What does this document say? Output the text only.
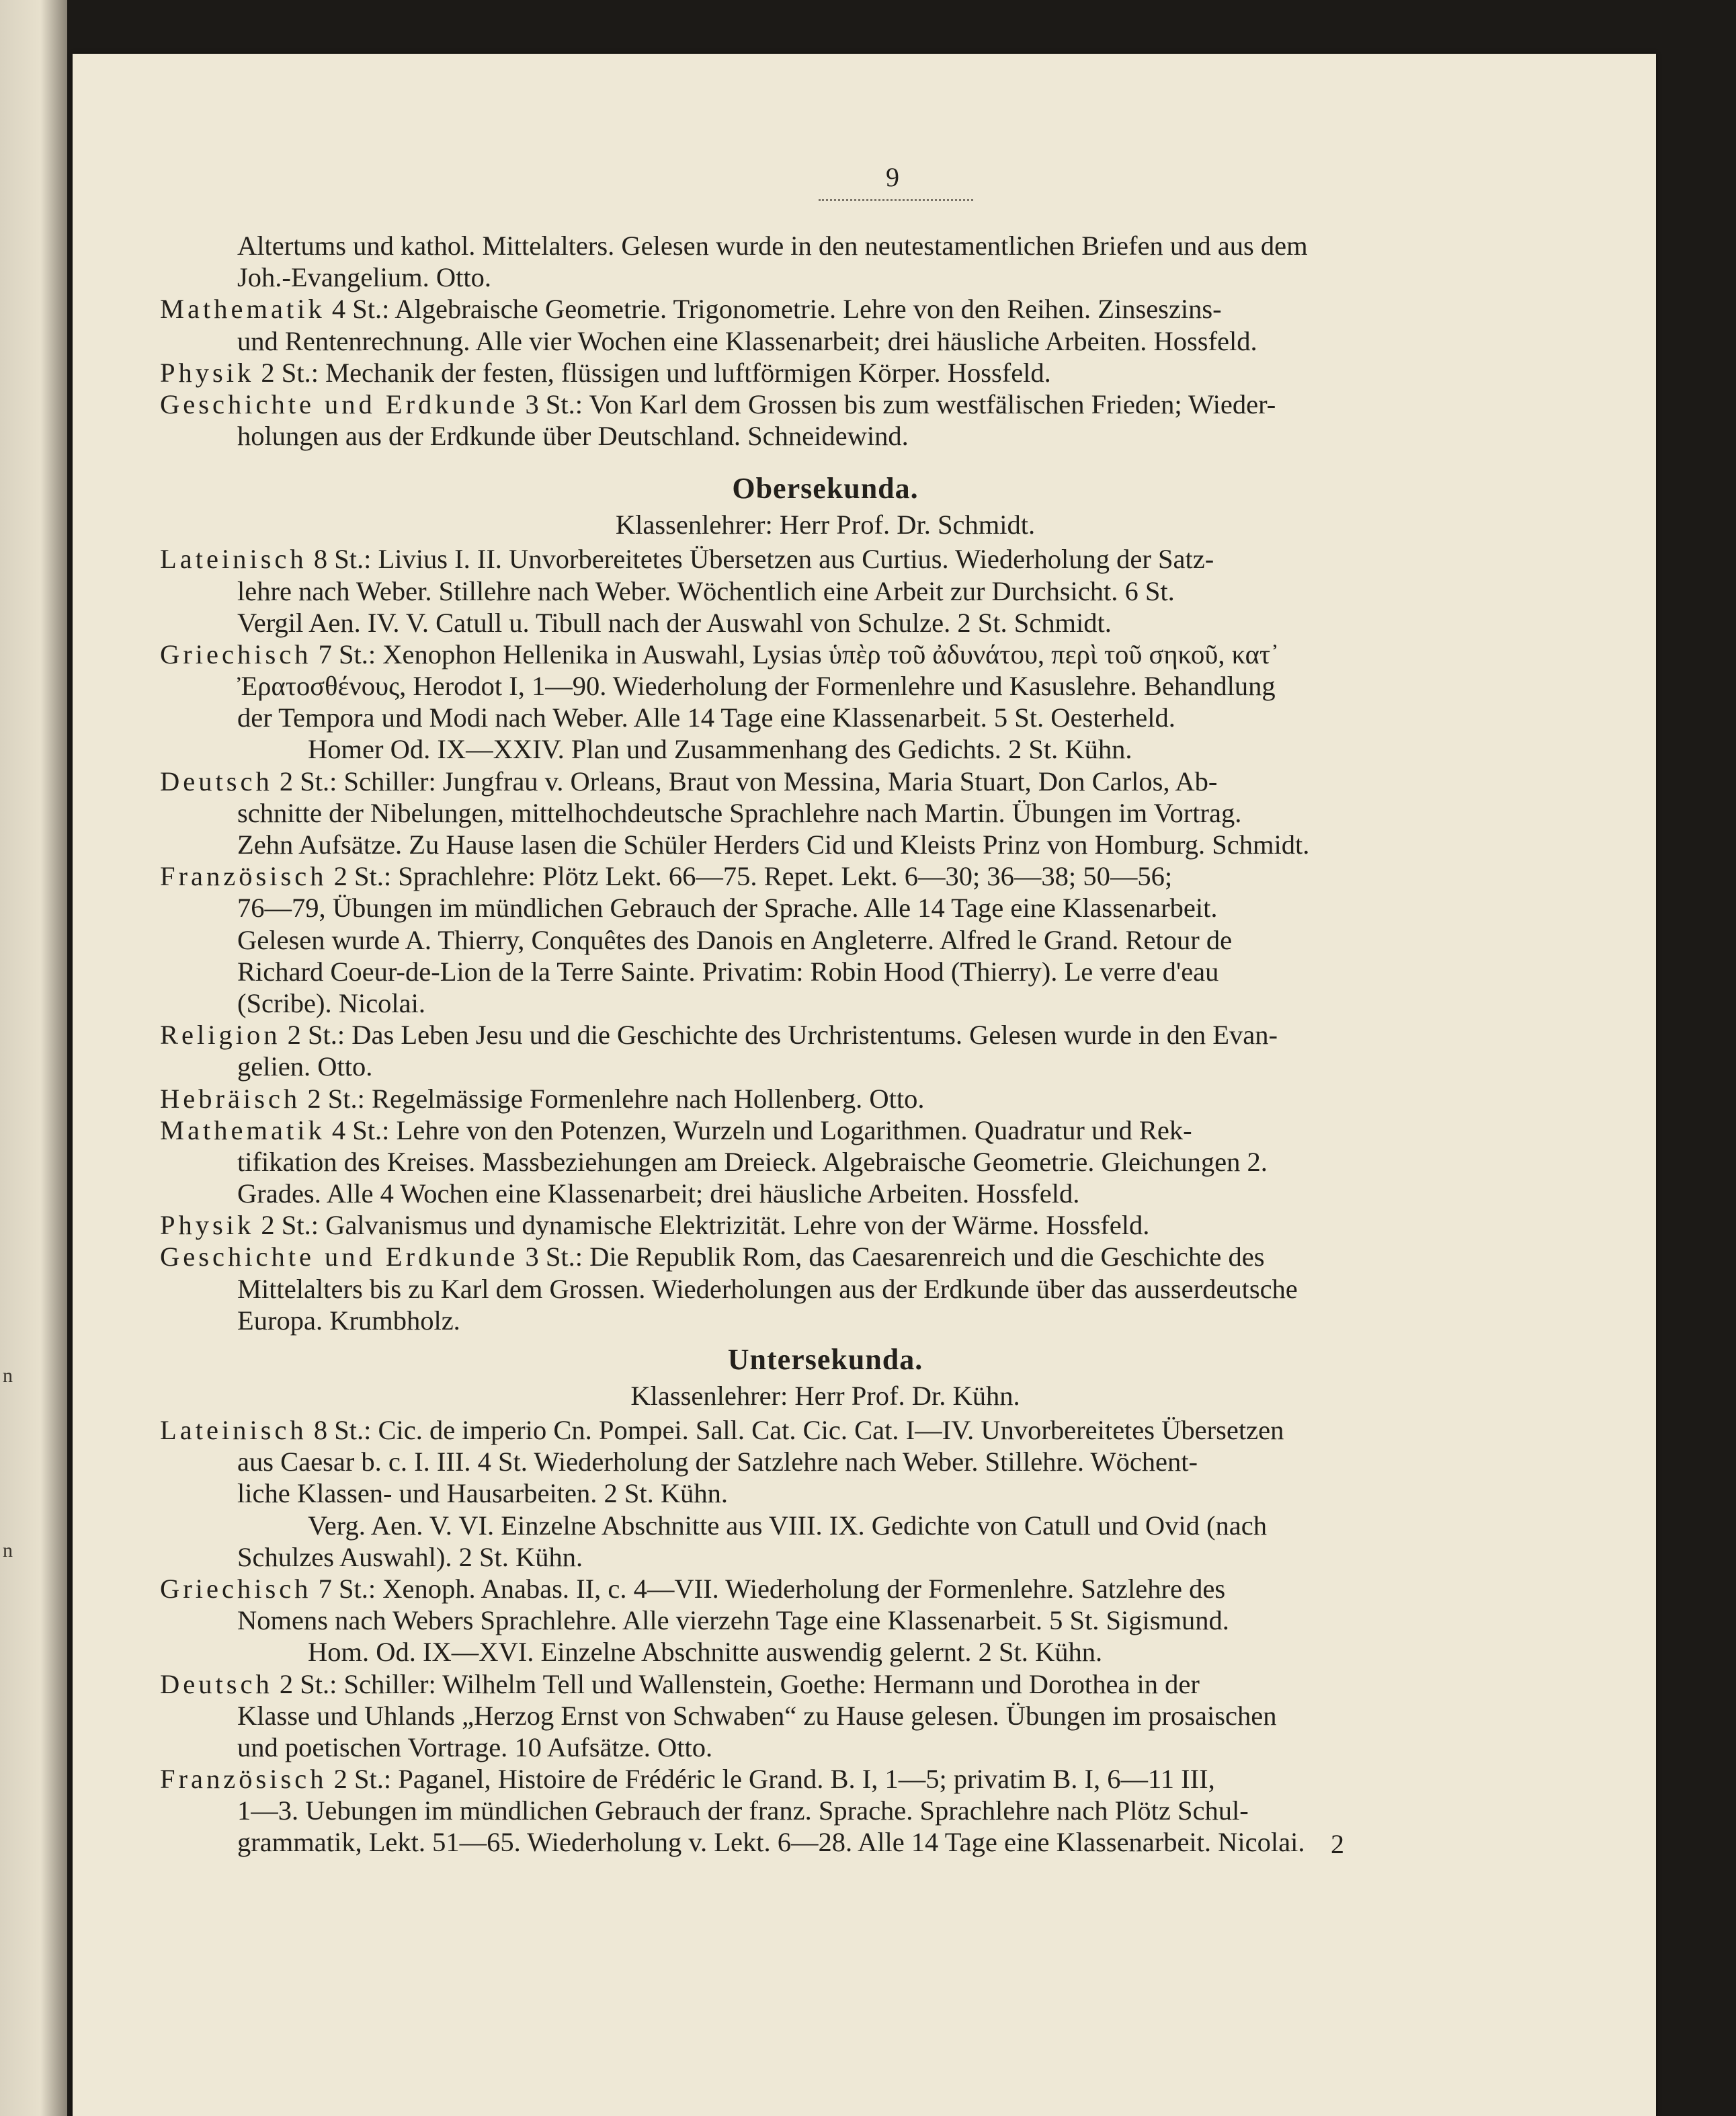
n
n
9
Altertums und kathol. Mittelalters. Gelesen wurde in den neutestamentlichen Briefen und aus dem
Joh.-Evangelium. Otto.
Mathematik 4 St.: Algebraische Geometrie. Trigonometrie. Lehre von den Reihen. Zinseszins-
und Rentenrechnung. Alle vier Wochen eine Klassenarbeit; drei häusliche Arbeiten. Hossfeld.
Physik 2 St.: Mechanik der festen, flüssigen und luftförmigen Körper. Hossfeld.
Geschichte und Erdkunde 3 St.: Von Karl dem Grossen bis zum westfälischen Frieden; Wieder-
holungen aus der Erdkunde über Deutschland. Schneidewind.
Obersekunda.
Klassenlehrer: Herr Prof. Dr. Schmidt.
Lateinisch 8 St.: Livius I. II. Unvorbereitetes Übersetzen aus Curtius. Wiederholung der Satz-
lehre nach Weber. Stillehre nach Weber. Wöchentlich eine Arbeit zur Durchsicht. 6 St.
Vergil Aen. IV. V. Catull u. Tibull nach der Auswahl von Schulze. 2 St. Schmidt.
Griechisch 7 St.: Xenophon Hellenika in Auswahl, Lysias ὑπὲρ τοῦ ἀδυνάτου, περὶ τοῦ σηκοῦ, κατ᾽
Ἐρατοσθένους, Herodot I, 1—90. Wiederholung der Formenlehre und Kasuslehre. Behandlung
der Tempora und Modi nach Weber. Alle 14 Tage eine Klassenarbeit. 5 St. Oesterheld.
Homer Od. IX—XXIV. Plan und Zusammenhang des Gedichts. 2 St. Kühn.
Deutsch 2 St.: Schiller: Jungfrau v. Orleans, Braut von Messina, Maria Stuart, Don Carlos, Ab-
schnitte der Nibelungen, mittelhochdeutsche Sprachlehre nach Martin. Übungen im Vortrag.
Zehn Aufsätze. Zu Hause lasen die Schüler Herders Cid und Kleists Prinz von Homburg. Schmidt.
Französisch 2 St.: Sprachlehre: Plötz Lekt. 66—75. Repet. Lekt. 6—30; 36—38; 50—56;
76—79, Übungen im mündlichen Gebrauch der Sprache. Alle 14 Tage eine Klassenarbeit.
Gelesen wurde A. Thierry, Conquêtes des Danois en Angleterre. Alfred le Grand. Retour de
Richard Coeur-de-Lion de la Terre Sainte. Privatim: Robin Hood (Thierry). Le verre d'eau
(Scribe). Nicolai.
Religion 2 St.: Das Leben Jesu und die Geschichte des Urchristentums. Gelesen wurde in den Evan-
gelien. Otto.
Hebräisch 2 St.: Regelmässige Formenlehre nach Hollenberg. Otto.
Mathematik 4 St.: Lehre von den Potenzen, Wurzeln und Logarithmen. Quadratur und Rek-
tifikation des Kreises. Massbeziehungen am Dreieck. Algebraische Geometrie. Gleichungen 2.
Grades. Alle 4 Wochen eine Klassenarbeit; drei häusliche Arbeiten. Hossfeld.
Physik 2 St.: Galvanismus und dynamische Elektrizität. Lehre von der Wärme. Hossfeld.
Geschichte und Erdkunde 3 St.: Die Republik Rom, das Caesarenreich und die Geschichte des
Mittelalters bis zu Karl dem Grossen. Wiederholungen aus der Erdkunde über das ausserdeutsche
Europa. Krumbholz.
Untersekunda.
Klassenlehrer: Herr Prof. Dr. Kühn.
Lateinisch 8 St.: Cic. de imperio Cn. Pompei. Sall. Cat. Cic. Cat. I—IV. Unvorbereitetes Übersetzen
aus Caesar b. c. I. III. 4 St. Wiederholung der Satzlehre nach Weber. Stillehre. Wöchent-
liche Klassen- und Hausarbeiten. 2 St. Kühn.
Verg. Aen. V. VI. Einzelne Abschnitte aus VIII. IX. Gedichte von Catull und Ovid (nach
Schulzes Auswahl). 2 St. Kühn.
Griechisch 7 St.: Xenoph. Anabas. II, c. 4—VII. Wiederholung der Formenlehre. Satzlehre des
Nomens nach Webers Sprachlehre. Alle vierzehn Tage eine Klassenarbeit. 5 St. Sigismund.
Hom. Od. IX—XVI. Einzelne Abschnitte auswendig gelernt. 2 St. Kühn.
Deutsch 2 St.: Schiller: Wilhelm Tell und Wallenstein, Goethe: Hermann und Dorothea in der
Klasse und Uhlands „Herzog Ernst von Schwaben“ zu Hause gelesen. Übungen im prosaischen
und poetischen Vortrage. 10 Aufsätze. Otto.
Französisch 2 St.: Paganel, Histoire de Frédéric le Grand. B. I, 1—5; privatim B. I, 6—11 III,
1—3. Uebungen im mündlichen Gebrauch der franz. Sprache. Sprachlehre nach Plötz Schul-
grammatik, Lekt. 51—65. Wiederholung v. Lekt. 6—28. Alle 14 Tage eine Klassenarbeit. Nicolai. 2
